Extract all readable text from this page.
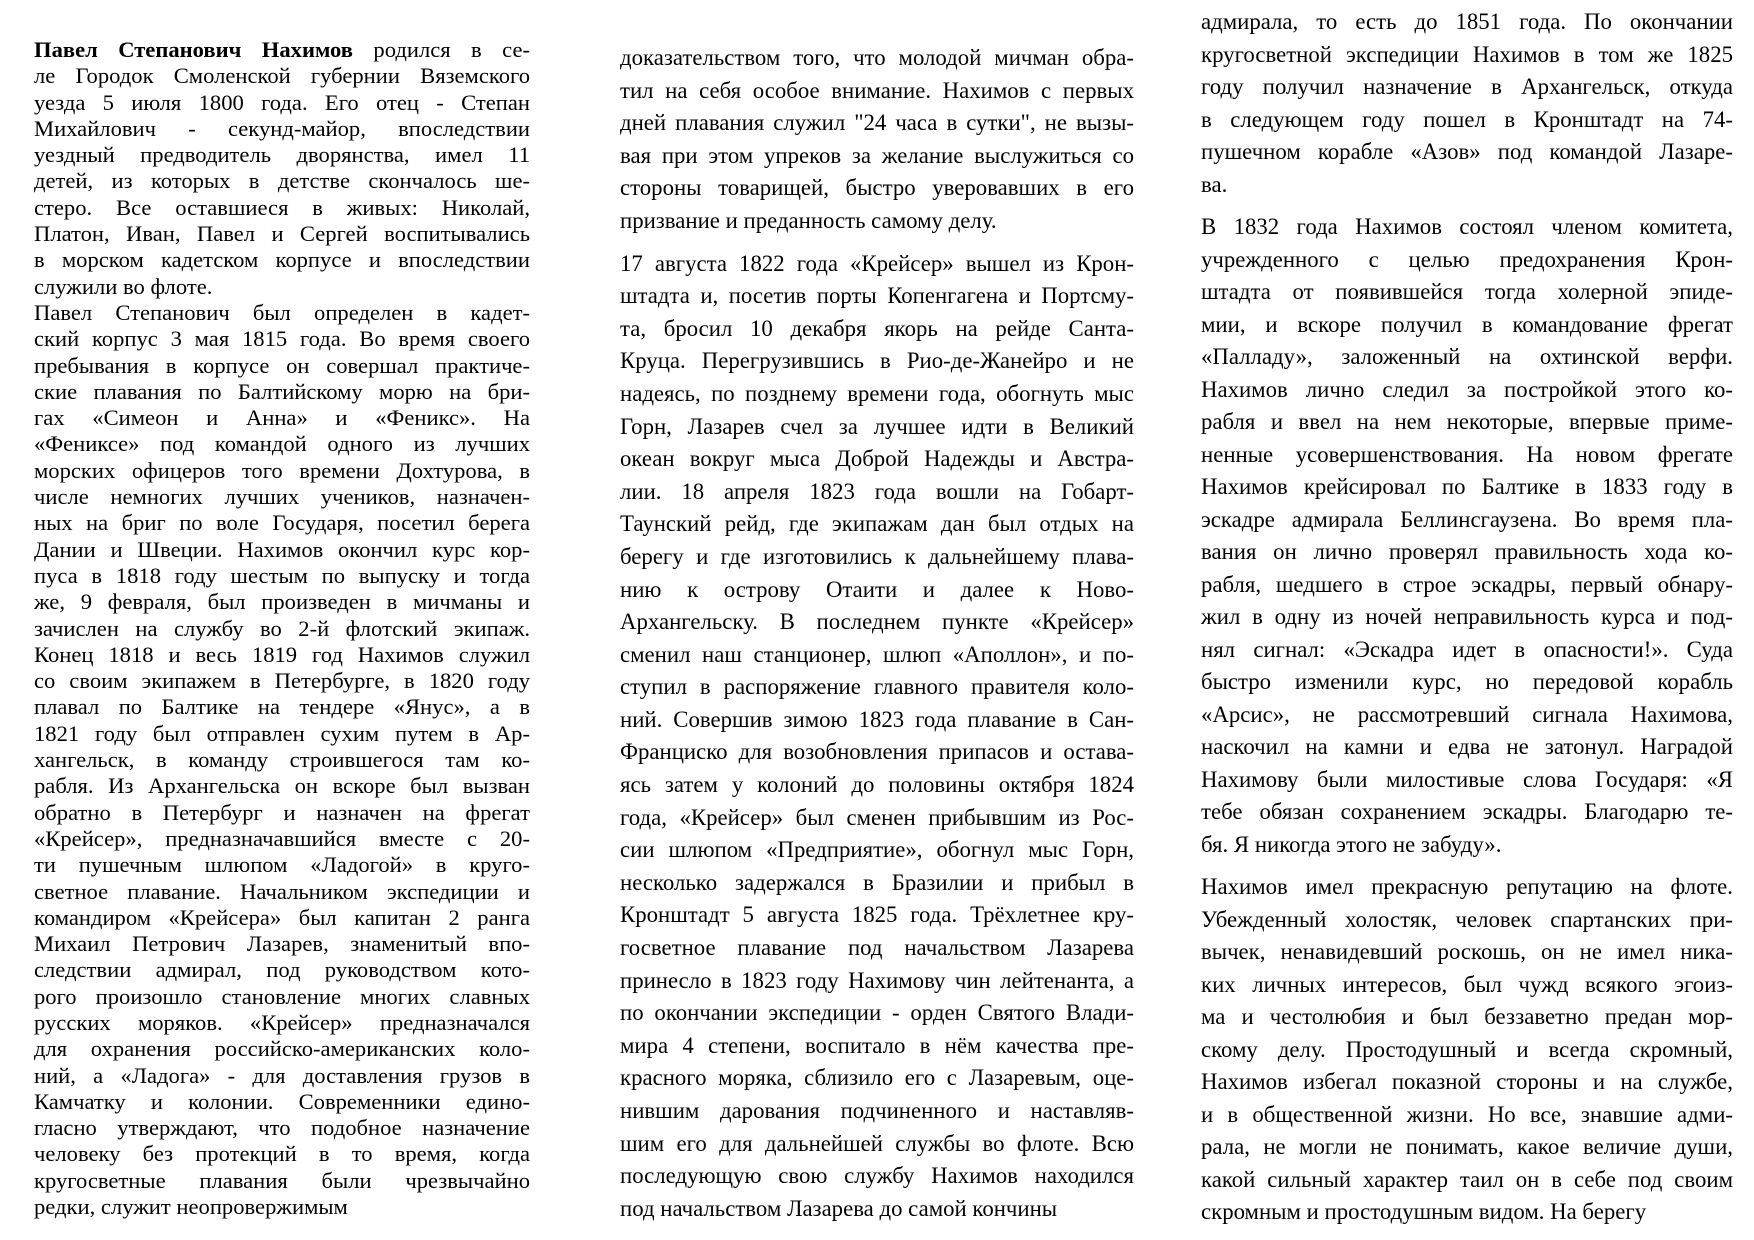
Павел Степанович Нахимов родился в се-
ле Городок Смоленской губернии Вяземского
уезда 5 июля 1800 года. Его отец - Степан
Михайлович - секунд-майор, впоследствии
уездный предводитель дворянства, имел 11
детей, из которых в детстве скончалось ше-
стеро. Все оставшиеся в живых: Николай,
Платон, Иван, Павел и Сергей воспитывались
в морском кадетском корпусе и впоследствии
служили во флоте.
Павел Степанович был определен в кадет-
ский корпус 3 мая 1815 года. Во время своего
пребывания в корпусе он совершал практиче-
ские плавания по Балтийскому морю на бри-
гах «Симеон и Анна» и «Феникс». На
«Фениксе» под командой одного из лучших
морских офицеров того времени Дохтурова, в
числе немногих лучших учеников, назначен-
ных на бриг по воле Государя, посетил берега
Дании и Швеции. Нахимов окончил курс кор-
пуса в 1818 году шестым по выпуску и тогда
же, 9 февраля, был произведен в мичманы и
зачислен на службу во 2-й флотский экипаж.
Конец 1818 и весь 1819 год Нахимов служил
со своим экипажем в Петербурге, в 1820 году
плавал по Балтике на тендере «Янус», а в
1821 году был отправлен сухим путем в Ар-
хангельск, в команду строившегося там ко-
рабля. Из Архангельска он вскоре был вызван
обратно в Петербург и назначен на фрегат
«Крейсер», предназначавшийся вместе с 20-
ти пушечным шлюпом «Ладогой» в круго-
светное плавание. Начальником экспедиции и
командиром «Крейсера» был капитан 2 ранга
Михаил Петрович Лазарев, знаменитый впо-
следствии адмирал, под руководством кото-
рого произошло становление многих славных
русских моряков. «Крейсер» предназначался
для охранения российско-американских коло-
ний, а «Ладога» - для доставления грузов в
Камчатку и колонии. Современники едино-
гласно утверждают, что подобное назначение
человеку без протекций в то время, когда
кругосветные плавания были чрезвычайно
редки, служит неопровержимым
доказательством того, что молодой мичман обра-
тил на себя особое внимание. Нахимов с первых
дней плавания служил "24 часа в сутки", не вызы-
вая при этом упреков за желание выслужиться со
стороны товарищей, быстро уверовавших в его
призвание и преданность самому делу.
17 августа 1822 года «Крейсер» вышел из Крон-
штадта и, посетив порты Копенгагена и Портсму-
та, бросил 10 декабря якорь на рейде Санта-
Круца. Перегрузившись в Рио-де-Жанейро и не
надеясь, по позднему времени года, обогнуть мыс
Горн, Лазарев счел за лучшее идти в Великий
океан вокруг мыса Доброй Надежды и Австра-
лии. 18 апреля 1823 года вошли на Гобарт-
Таунский рейд, где экипажам дан был отдых на
берегу и где изготовились к дальнейшему плава-
нию к острову Отаити и далее к Ново-
Архангельску. В последнем пункте «Крейсер»
сменил наш станционер, шлюп «Аполлон», и по-
ступил в распоряжение главного правителя коло-
ний. Совершив зимою 1823 года плавание в Сан-
Франциско для возобновления припасов и остава-
ясь затем у колоний до половины октября 1824
года, «Крейсер» был сменен прибывшим из Рос-
сии шлюпом «Предприятие», обогнул мыс Горн,
несколько задержался в Бразилии и прибыл в
Кронштадт 5 августа 1825 года. Трёхлетнее кру-
госветное плавание под начальством Лазарева
принесло в 1823 году Нахимову чин лейтенанта, а
по окончании экспедиции - орден Святого Влади-
мира 4 степени, воспитало в нём качества пре-
красного моряка, сблизило его с Лазаревым, оце-
нившим дарования подчиненного и наставляв-
шим его для дальнейшей службы во флоте. Всю
последующую свою службу Нахимов находился
под начальством Лазарева до самой кончины
адмирала, то есть до 1851 года. По окончании
кругосветной экспедиции Нахимов в том же 1825
году получил назначение в Архангельск, откуда
в следующем году пошел в Кронштадт на 74-
пушечном корабле «Азов» под командой Лазаре-
ва.
В 1832 года Нахимов состоял членом комитета,
учрежденного с целью предохранения Крон-
штадта от появившейся тогда холерной эпиде-
мии, и вскоре получил в командование фрегат
«Палладу», заложенный на охтинской верфи.
Нахимов лично следил за постройкой этого ко-
рабля и ввел на нем некоторые, впервые приме-
ненные усовершенствования. На новом фрегате
Нахимов крейсировал по Балтике в 1833 году в
эскадре адмирала Беллинсгаузена. Во время пла-
вания он лично проверял правильность хода ко-
рабля, шедшего в строе эскадры, первый обнару-
жил в одну из ночей неправильность курса и под-
нял сигнал: «Эскадра идет в опасности!». Суда
быстро изменили курс, но передовой корабль
«Арсис», не рассмотревший сигнала Нахимова,
наскочил на камни и едва не затонул. Наградой
Нахимову были милостивые слова Государя: «Я
тебе обязан сохранением эскадры. Благодарю те-
бя. Я никогда этого не забуду».
Нахимов имел прекрасную репутацию на флоте.
Убежденный холостяк, человек спартанских при-
вычек, ненавидевший роскошь, он не имел ника-
ких личных интересов, был чужд всякого эгоиз-
ма и честолюбия и был беззаветно предан мор-
скому делу. Простодушный и всегда скромный,
Нахимов избегал показной стороны и на службе,
и в общественной жизни. Но все, знавшие адми-
рала, не могли не понимать, какое величие души,
какой сильный характер таил он в себе под своим
скромным и простодушным видом. На берегу
